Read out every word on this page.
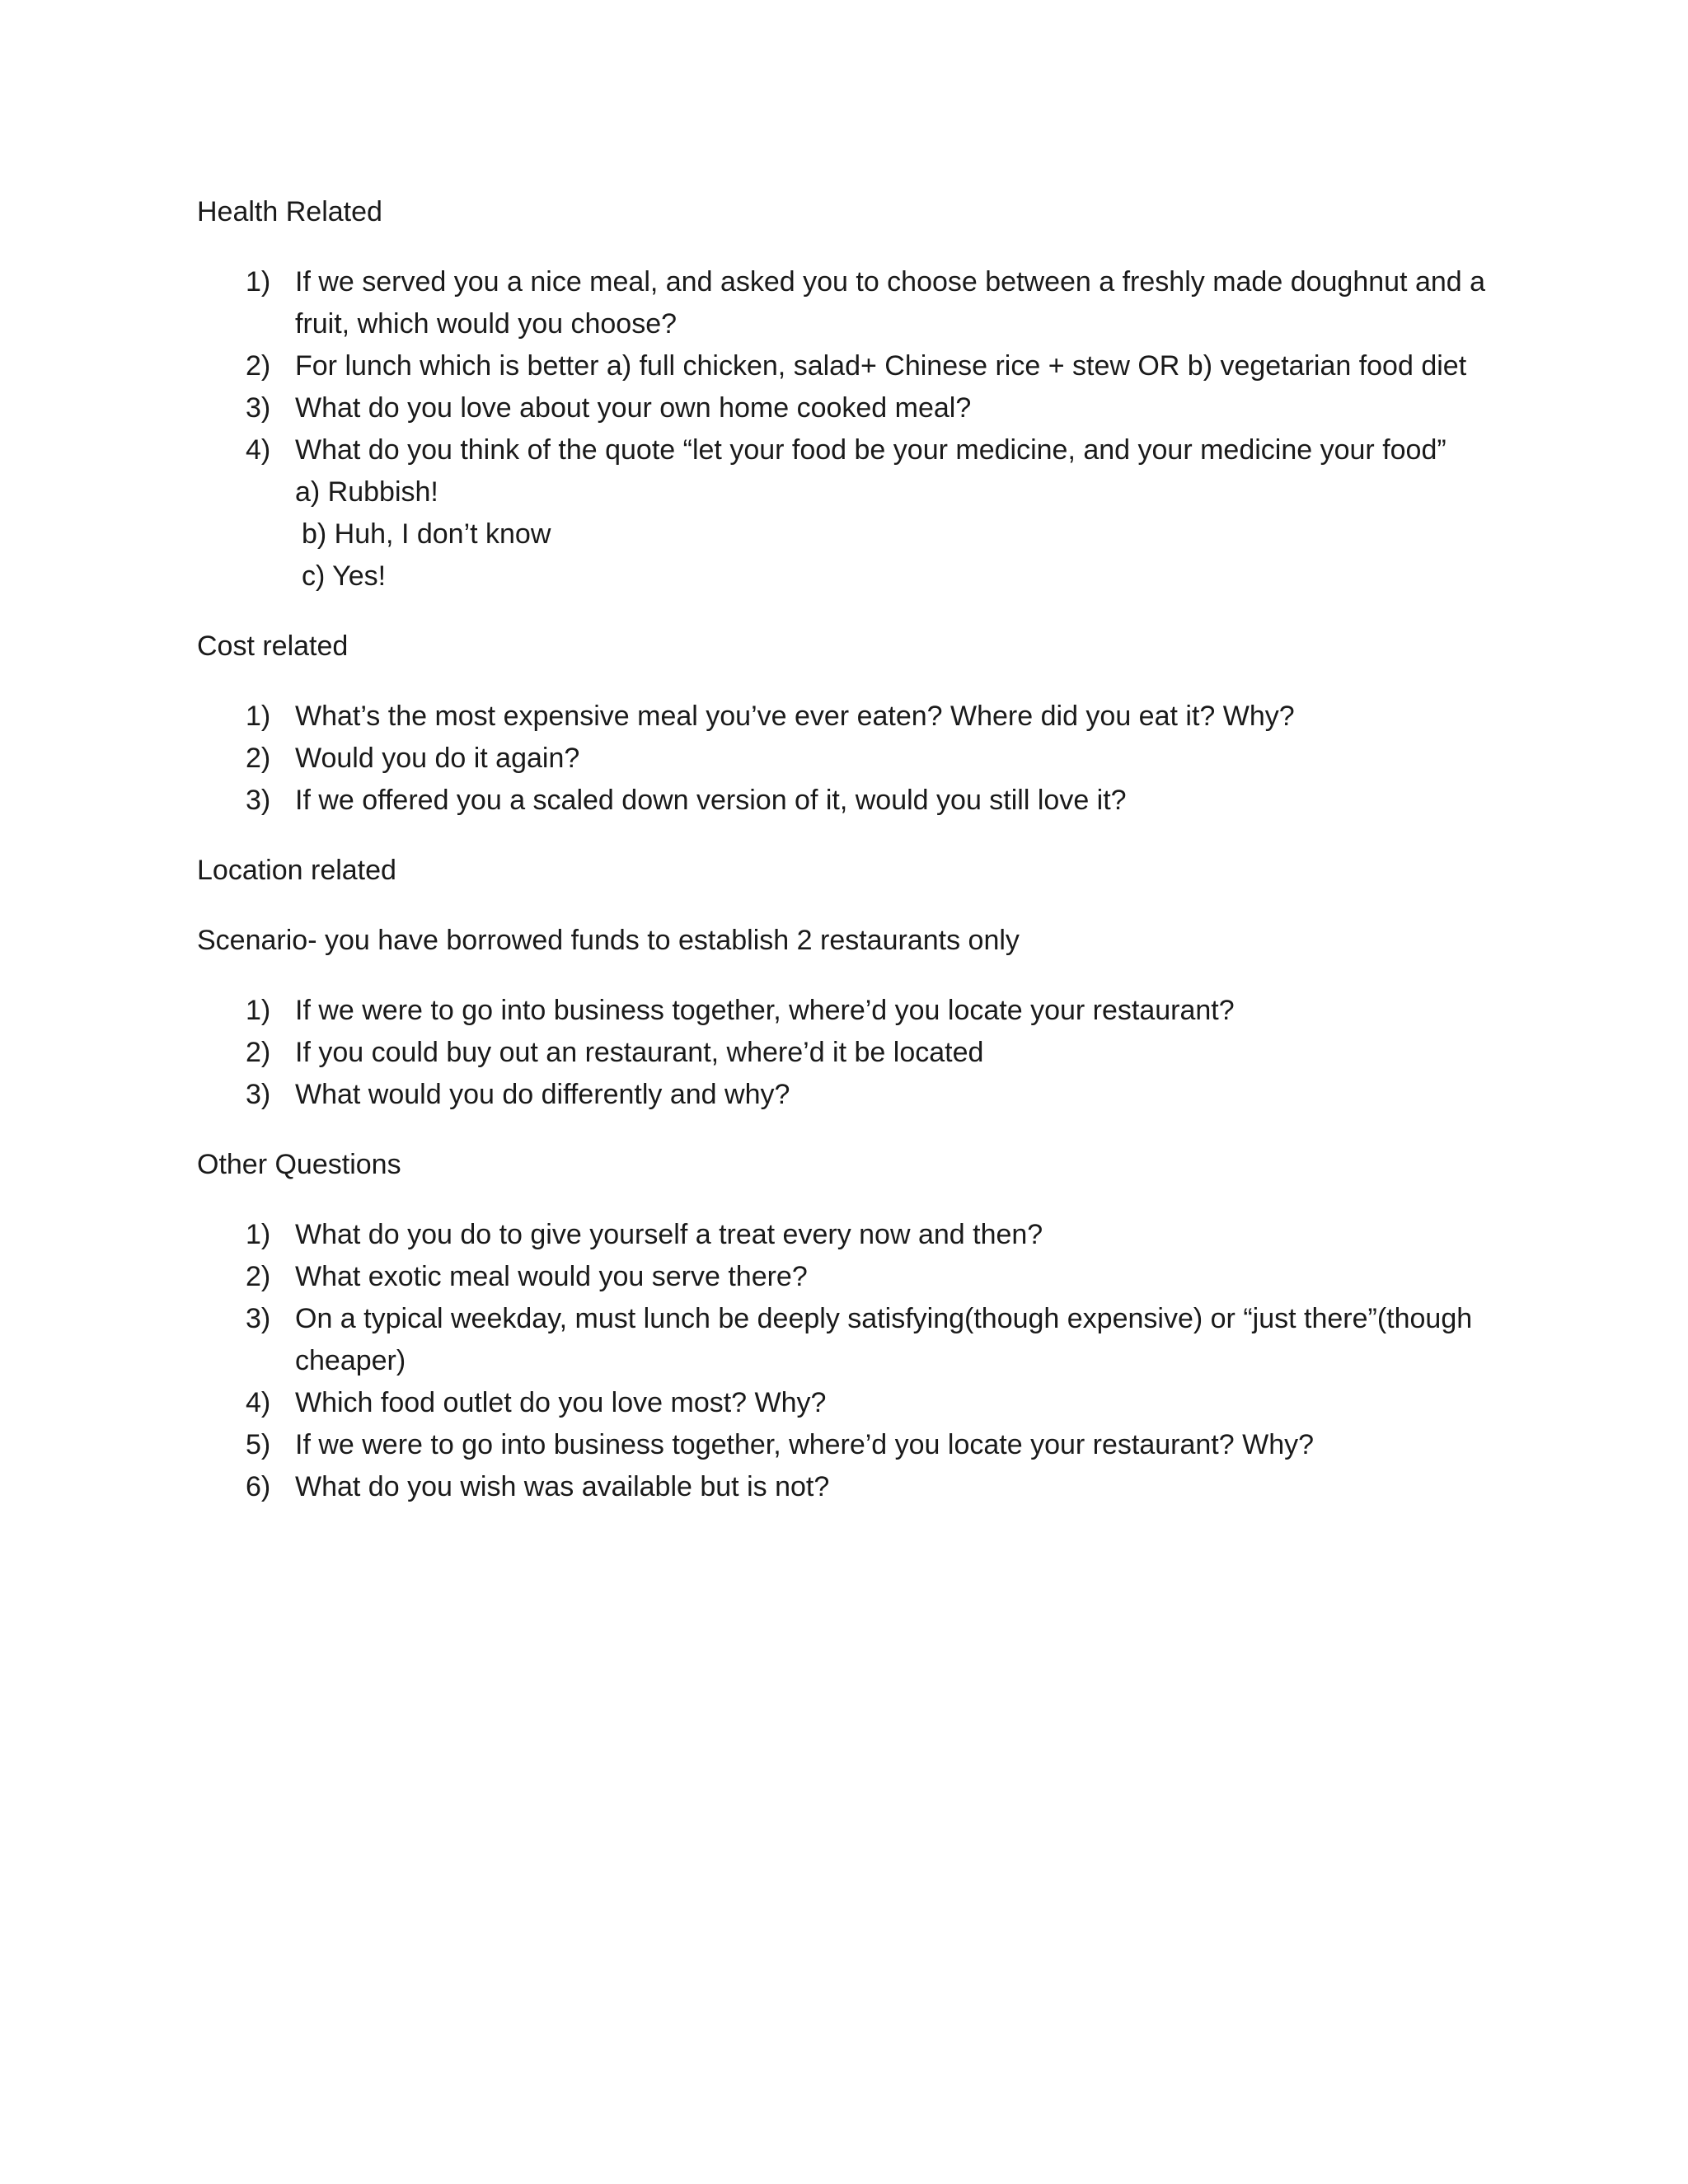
Health Related

1) If we served you a nice meal, and asked you to choose between a freshly made doughnut and a fruit, which would you choose?
2) For lunch which is better a) full chicken, salad+ Chinese rice + stew OR b) vegetarian food diet
3) What do you love about your own home cooked meal?
4) What do you think of the quote “let your food be your medicine, and your medicine your food”
a) Rubbish!
b) Huh, I don’t know
c) Yes!

Cost related

1) What’s the most expensive meal you’ve ever eaten? Where did you eat it? Why?
2) Would you do it again?
3) If we offered you a scaled down version of it, would you still love it?

Location related

Scenario- you have borrowed funds to establish 2 restaurants only

1) If we were to go into business together, where’d you locate your restaurant?
2) If you could buy out an restaurant, where’d it be located
3) What would you do differently and why?

Other Questions

1) What do you do to give yourself a treat every now and then?
2) What exotic meal would you serve there?
3) On a typical weekday, must lunch be deeply satisfying(though expensive) or “just there”(though cheaper)
4) Which food outlet do you love most? Why?
5) If we were to go into business together, where’d you locate your restaurant? Why?
6) What do you wish was available but is not?
